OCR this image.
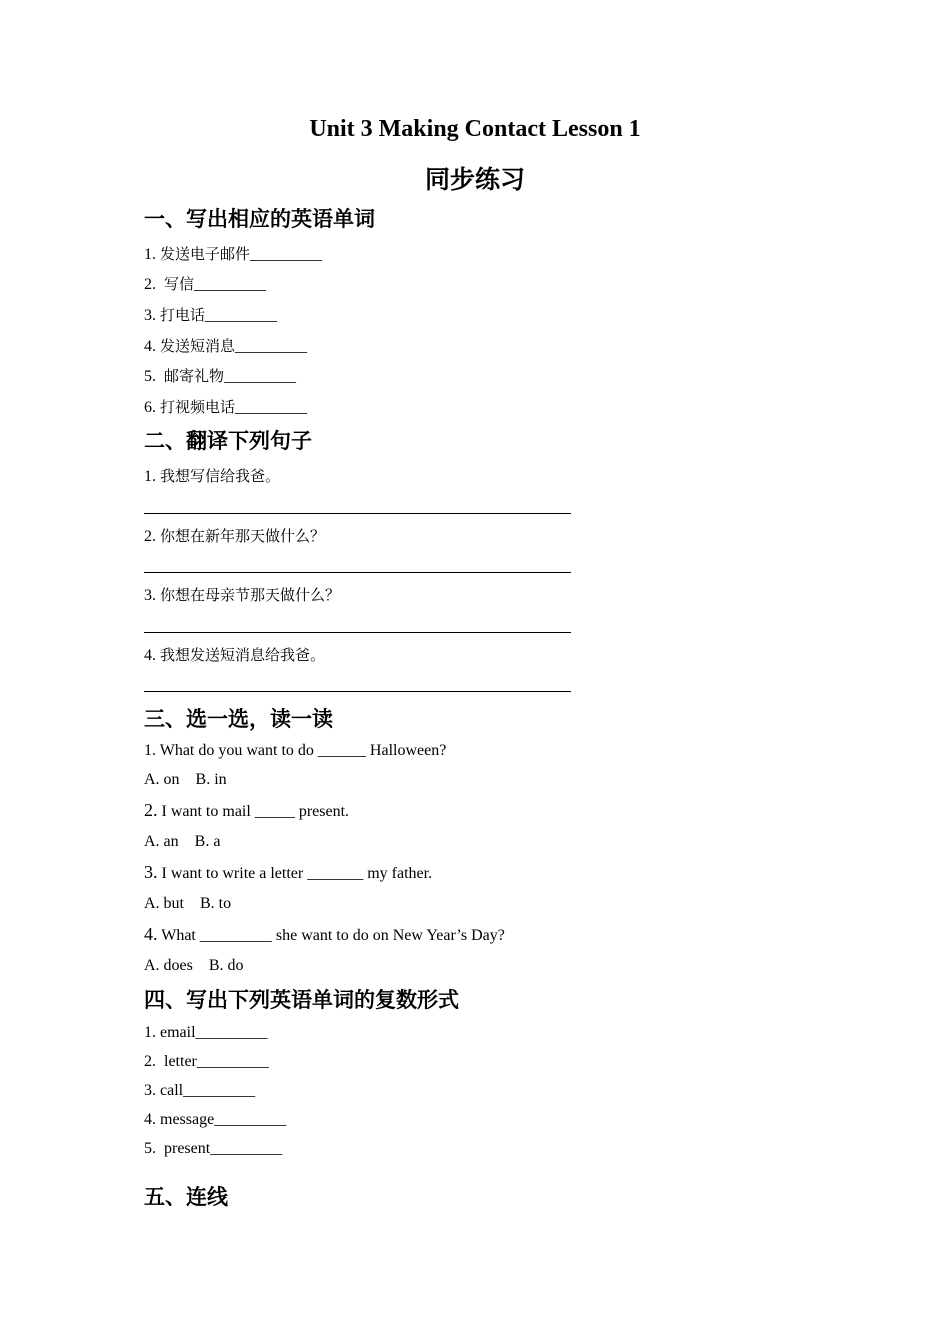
Unit 3 Making Contact Lesson 1
同步练习
一、写出相应的英语单词
1. 发送电子邮件_________
2.  写信_________
3. 打电话_________
4. 发送短消息_________
5.  邮寄礼物_________
6. 打视频电话_________
二、翻译下列句子
1. 我想写信给我爸。
2. 你想在新年那天做什么？
3. 你想在母亲节那天做什么？
4. 我想发送短消息给我爸。
三、选一选，读一读
1. What do you want to do ______ Halloween?
A. on    B. in
2. I want to mail _____ present.
A. an    B. a
3. I want to write a letter _______ my father.
A. but    B. to
4. What _________ she want to do on New Year’s Day?
A. does    B. do
四、写出下列英语单词的复数形式
1. email_________
2.  letter_________
3. call_________
4. message_________
5.  present_________
五、连线
